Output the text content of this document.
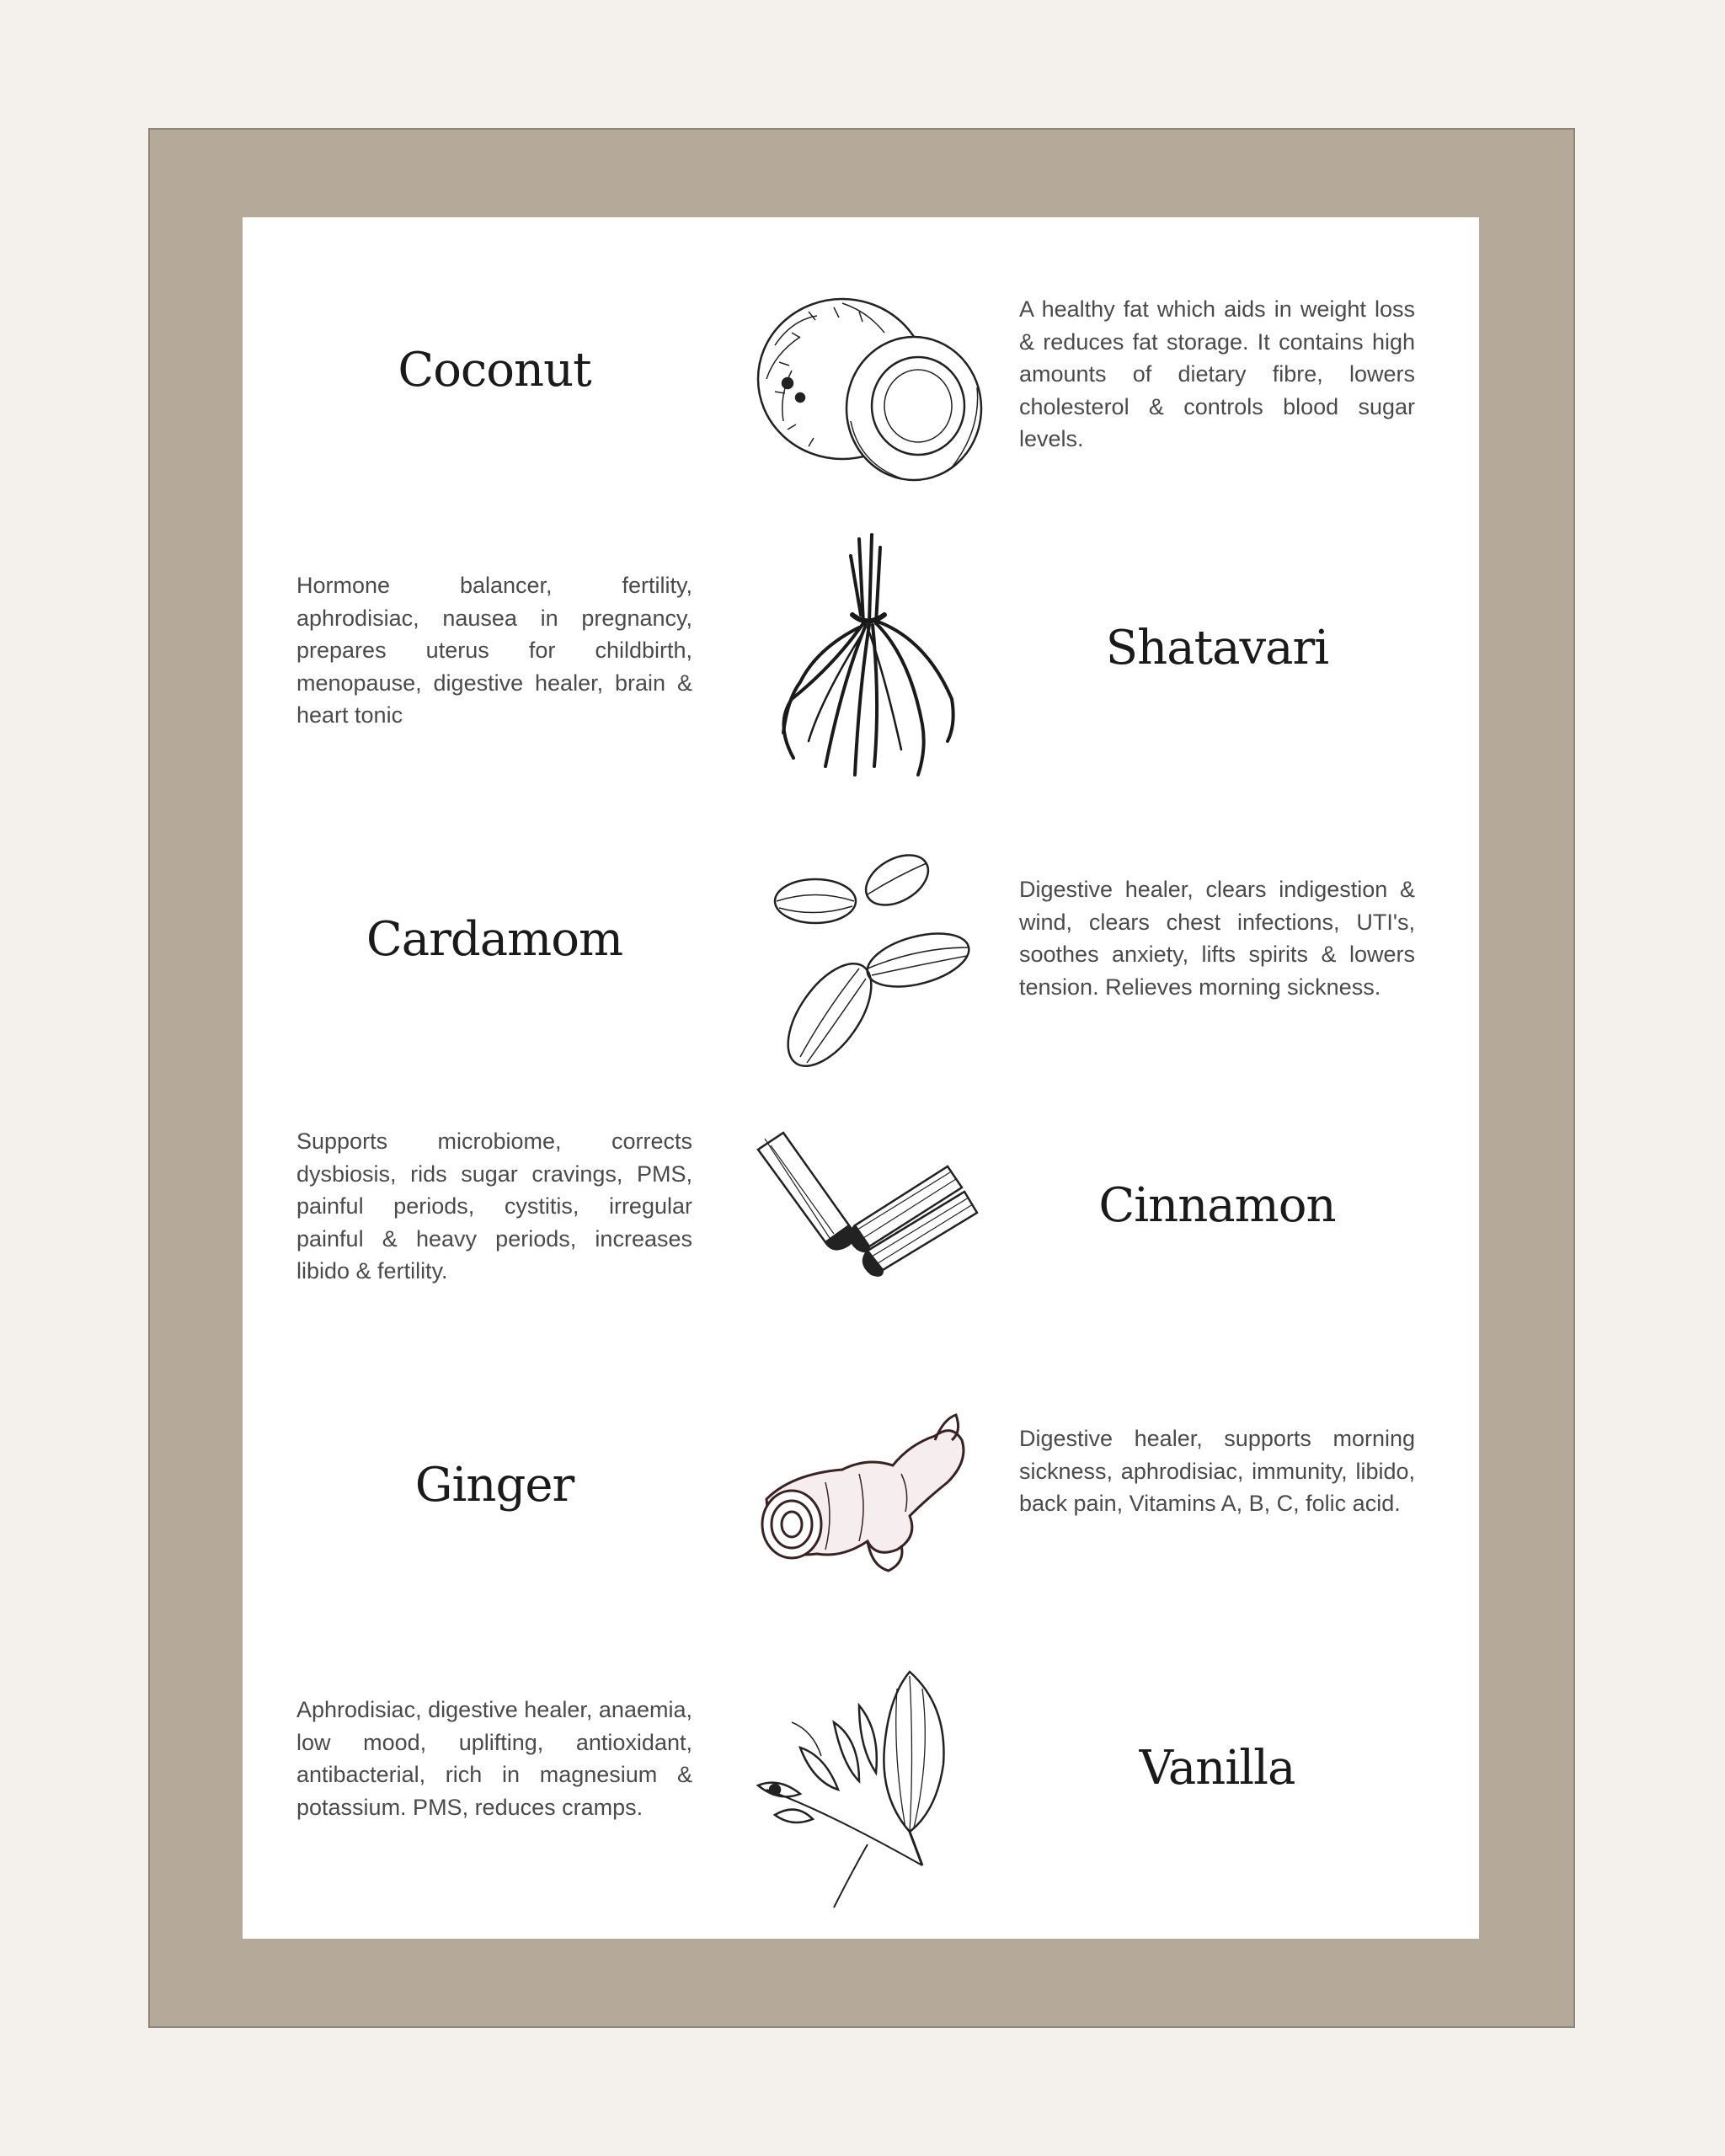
Coconut
A healthy fat which aids in weight loss & reduces fat storage. It contains high amounts of dietary fibre, lowers cholesterol & controls blood sugar levels.
Hormone balancer, fertility, aphrodisiac, nausea in pregnancy, prepares uterus for childbirth, menopause, digestive healer, brain & heart tonic
Shatavari
Cardamom
Digestive healer, clears indigestion & wind, clears chest infections, UTI's, soothes anxiety, lifts spirits & lowers tension. Relieves morning sickness.
Supports microbiome, corrects dysbiosis, rids sugar cravings, PMS, painful periods, cystitis, irregular painful & heavy periods, increases libido & fertility.
Cinnamon
Ginger
Digestive healer, supports morning sickness, aphrodisiac, immunity, libido, back pain, Vitamins A, B, C, folic acid.
Aphrodisiac, digestive healer, anaemia, low mood, uplifting, antioxidant, antibacterial, rich in magnesium & potassium. PMS, reduces cramps.
Vanilla
